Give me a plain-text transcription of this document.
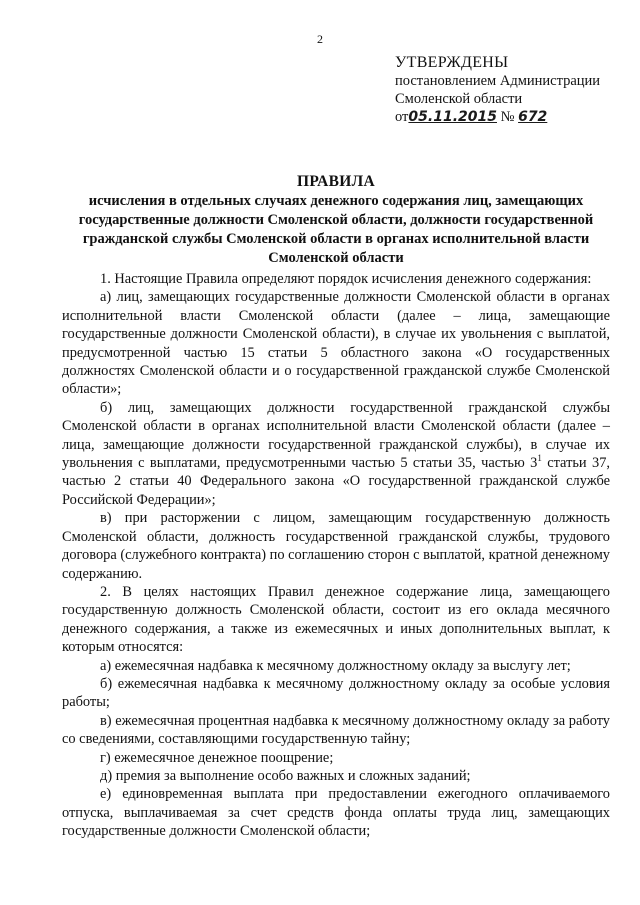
2
УТВЕРЖДЕНЫ
постановлением Администрации
Смоленской области
от05.11.2015 № 672
ПРАВИЛА
исчисления в отдельных случаях денежного содержания лиц, замещающих государственные должности Смоленской области, должности государственной гражданской службы Смоленской области в органах исполнительной власти Смоленской области

1. Настоящие Правила определяют порядок исчисления денежного содержания:

а) лиц, замещающих государственные должности Смоленской области в органах исполнительной власти Смоленской области (далее – лица, замещающие государственные должности Смоленской области), в случае их увольнения с выплатой, предусмотренной частью 15 статьи 5 областного закона «О государственных должностях Смоленской области и о государственной гражданской службе Смоленской области»;

б) лиц, замещающих должности государственной гражданской службы Смоленской области в органах исполнительной власти Смоленской области (далее – лица, замещающие должности государственной гражданской службы), в случае их увольнения с выплатами, предусмотренными частью 5 статьи 35, частью $3^1$ статьи 37, частью 2 статьи 40 Федерального закона «О государственной гражданской службе Российской Федерации»;

в) при расторжении с лицом, замещающим государственную должность Смоленской области, должность государственной гражданской службы, трудового договора (служебного контракта) по соглашению сторон с выплатой, кратной денежному содержанию.

2. В целях настоящих Правил денежное содержание лица, замещающего государственную должность Смоленской области, состоит из его оклада месячного денежного содержания, а также из ежемесячных и иных дополнительных выплат, к которым относятся:

а) ежемесячная надбавка к месячному должностному окладу за выслугу лет;

б) ежемесячная надбавка к месячному должностному окладу за особые условия работы;

в) ежемесячная процентная надбавка к месячному должностному окладу за работу со сведениями, составляющими государственную тайну;

г) ежемесячное денежное поощрение;

д) премия за выполнение особо важных и сложных заданий;

е) единовременная выплата при предоставлении ежегодного оплачиваемого отпуска, выплачиваемая за счет средств фонда оплаты труда лиц, замещающих государственные должности Смоленской области;
